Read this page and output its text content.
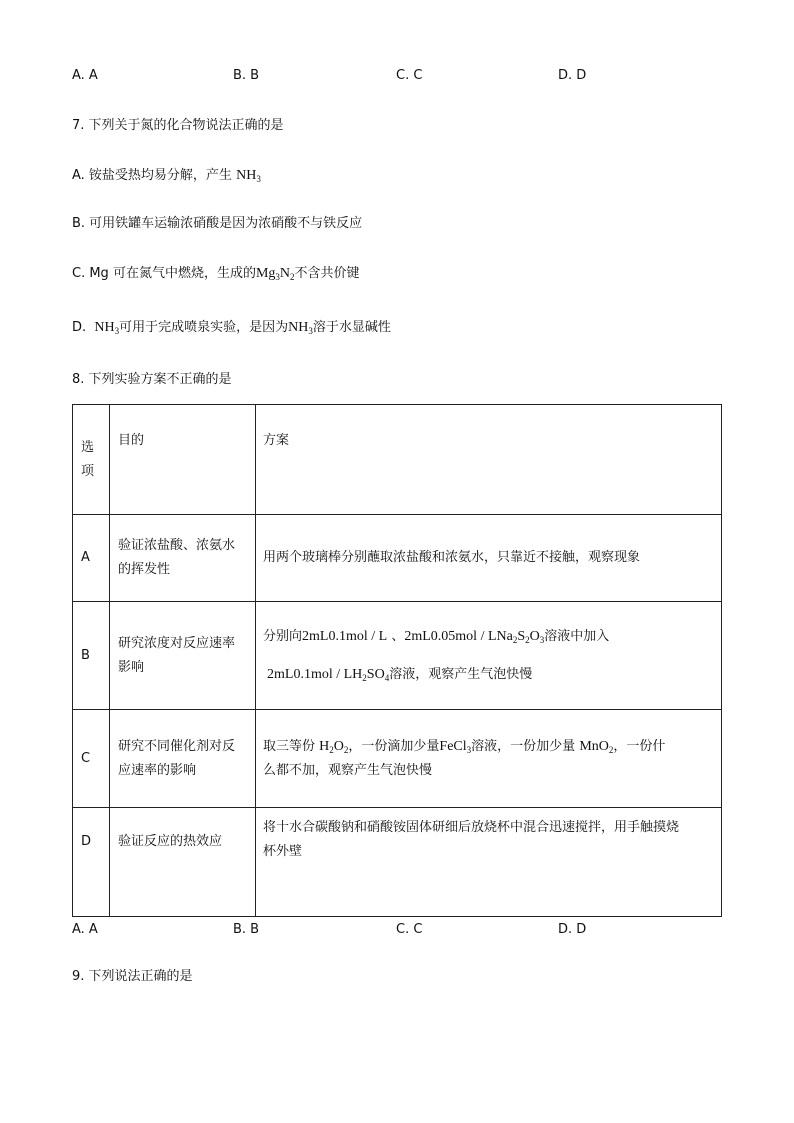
A. A	B. B	C. C	D. D
7. 下列关于氮的化合物说法正确的是
A. 铵盐受热均易分解，产生 $NH_3$
B. 可用铁罐车运输浓硝酸是因为浓硝酸不与铁反应
C. Mg 可在氮气中燃烧，生成的$Mg_3N_2$不含共价键
D. $NH_3$可用于完成喷泉实验，是因为$NH_3$溶于水显碱性
8. 下列实验方案不正确的是
选
项	目的	方案
A	验证浓盐酸、浓氨水
的挥发性	用两个玻璃棒分别蘸取浓盐酸和浓氨水，只靠近不接触，观察现象
B	研究浓度对反应速率
影响	分别向2mL0.1mol / L 、$2mL0.05mol / LNa_2S_2O_3$溶液中加入
$2mL0.1mol / LH_2SO_4$溶液，观察产生气泡快慢

C	研究不同催化剂对反
应速率的影响	取三等份 $H_2O_2$，一份滴加少量FeCl$_3$溶液，一份加少量 MnO$_2$，一份什
么都不加，观察产生气泡快慢
D	验证反应的热效应	将十水合碳酸钠和硝酸铵固体研细后放烧杯中混合迅速搅拌，用手触摸烧
杯外壁
A. A	B. B	C. C	D. D
9. 下列说法正确的是
